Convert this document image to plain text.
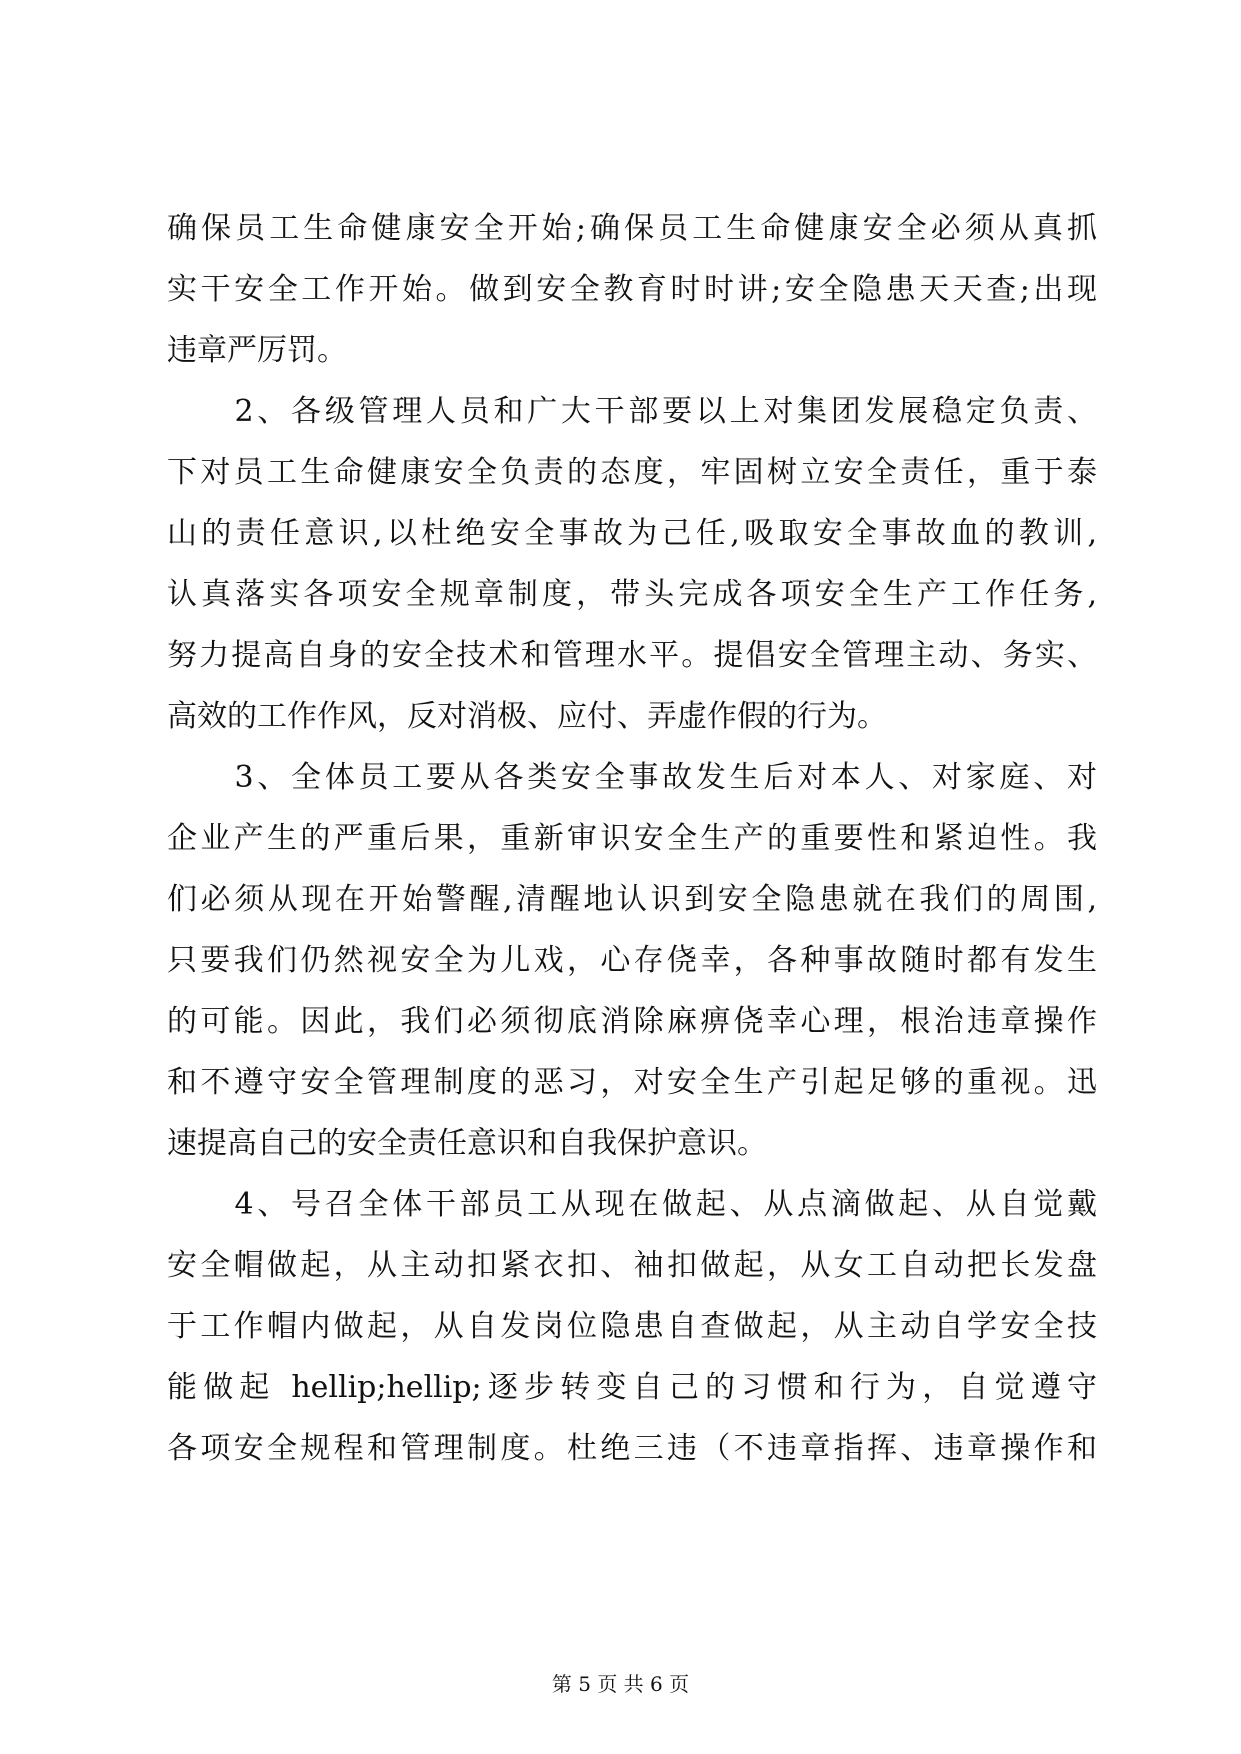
确保员工生命健康安全开始;确保员工生命健康安全必须从真抓
实干安全工作开始。做到安全教育时时讲;安全隐患天天查;出现
违章严厉罚。
　　2、各级管理人员和广大干部要以上对集团发展稳定负责、
下对员工生命健康安全负责的态度，牢固树立安全责任，重于泰
山的责任意识,以杜绝安全事故为己任,吸取安全事故血的教训,
认真落实各项安全规章制度，带头完成各项安全生产工作任务,
努力提高自身的安全技术和管理水平。提倡安全管理主动、务实、
高效的工作作风，反对消极、应付、弄虚作假的行为。
　　3、全体员工要从各类安全事故发生后对本人、对家庭、对
企业产生的严重后果，重新审识安全生产的重要性和紧迫性。我
们必须从现在开始警醒,清醒地认识到安全隐患就在我们的周围,
只要我们仍然视安全为儿戏，心存侥幸，各种事故随时都有发生
的可能。因此，我们必须彻底消除麻痹侥幸心理，根治违章操作
和不遵守安全管理制度的恶习，对安全生产引起足够的重视。迅
速提高自己的安全责任意识和自我保护意识。
　　4、号召全体干部员工从现在做起、从点滴做起、从自觉戴
安全帽做起，从主动扣紧衣扣、袖扣做起，从女工自动把长发盘
于工作帽内做起，从自发岗位隐患自查做起，从主动自学安全技
能做起 hellip;hellip;逐步转变自己的习惯和行为，自觉遵守
各项安全规程和管理制度。杜绝三违（不违章指挥、违章操作和
第 5 页 共 6 页
